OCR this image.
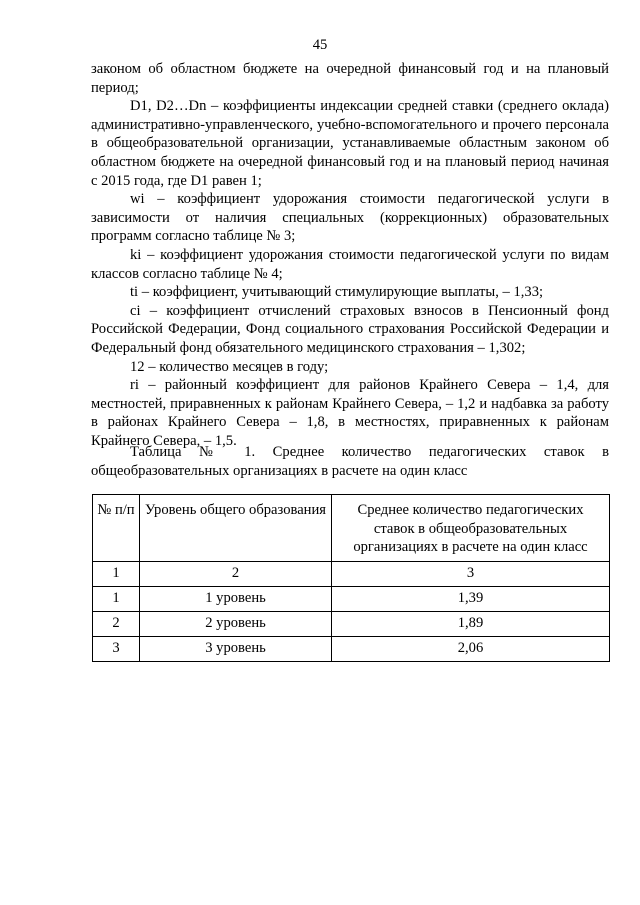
45

законом об областном бюджете на очередной финансовый год и на плановый период;

D1, D2…Dn – коэффициенты индексации средней ставки (среднего оклада) административно-управленческого, учебно-вспомогательного и прочего персонала в общеобразовательной организации, устанавливаемые областным законом об областном бюджете на очередной финансовый год и на плановый период начиная с 2015 года, где D1 равен 1;

wi – коэффициент удорожания стоимости педагогической услуги в зависимости от наличия специальных (коррекционных) образовательных программ согласно таблице № 3;

ki – коэффициент удорожания стоимости педагогической услуги по видам классов согласно таблице № 4;

ti – коэффициент, учитывающий стимулирующие выплаты, – 1,33;

ci – коэффициент отчислений страховых взносов в Пенсионный фонд Российской Федерации, Фонд социального страхования Российской Федерации и Федеральный фонд обязательного медицинского страхования – 1,302;

12 – количество месяцев в году;

ri – районный коэффициент для районов Крайнего Севера – 1,4, для местностей, приравненных к районам Крайнего Севера, – 1,2 и надбавка за работу в районах Крайнего Севера – 1,8, в местностях, приравненных к районам Крайнего Севера, – 1,5.

Таблица № 1. Среднее количество педагогических ставок в общеобразовательных организациях в расчете на один класс

№ п/п	Уровень общего образования	Среднее количество педагогических ставок в общеобразовательных организациях в расчете на один класс
1	2	3
1	1 уровень	1,39
2	2 уровень	1,89
3	3 уровень	2,06
